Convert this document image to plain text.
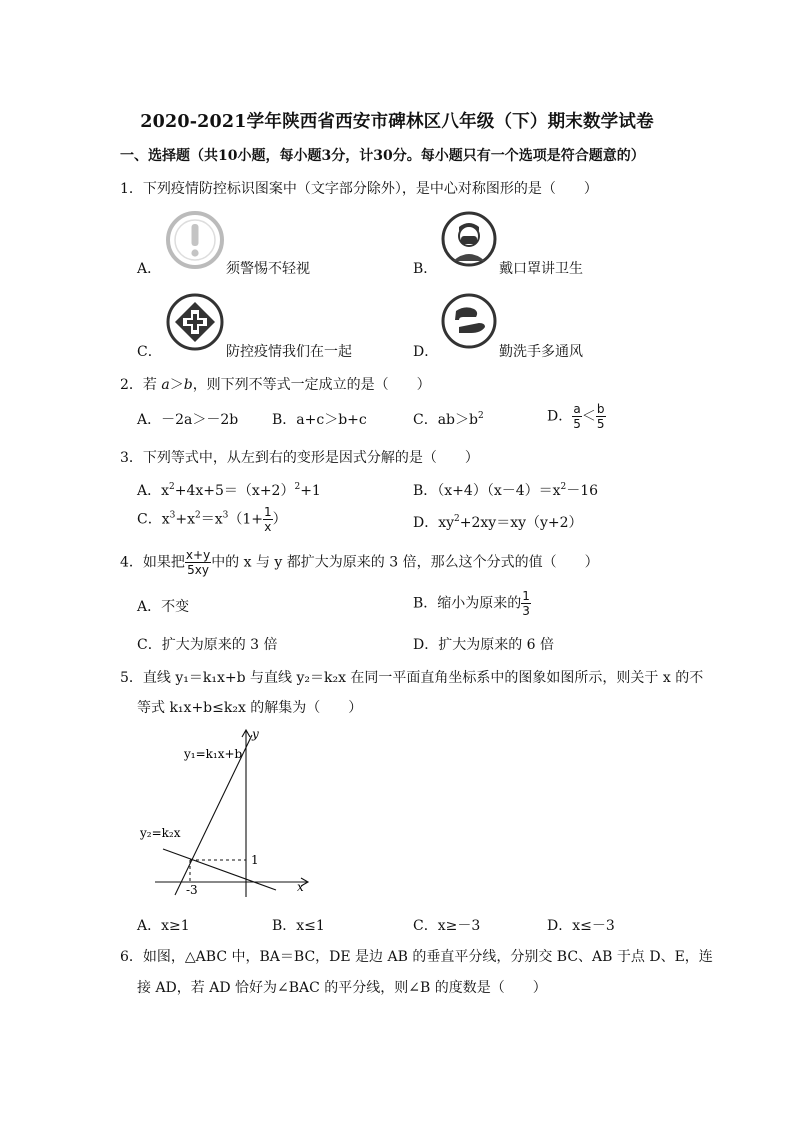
2020-2021学年陕西省西安市碑林区八年级（下）期末数学试卷
一、选择题（共10小题，每小题3分，计30分。每小题只有一个选项是符合题意的）
1．下列疫情防控标识图案中（文字部分除外），是中心对称图形的是（　　）
A．	须警惕不轻视	B．	戴口罩讲卫生
C．	防控疫情我们在一起	D．	勤洗手多通风
2．若 a＞b，则下列不等式一定成立的是（　　）
A．－2a＞－2b B．a+c＞b+c	C．$ab>b^2$	D． $\frac{a}{5} < \frac{b}{5}$
3．下列等式中，从左到右的变形是因式分解的是（　　）
A．$x^2+4x+5=(x+2)^2+1$	B．$(x+4)(x-4)=x^2-16$
C．$x^3+x^2=x^3(1+ \frac{1}{x}$ ）	D．$xy^2+2xy=xy(y+2)$
4．如果把 $\frac{x+y}{5xy}$ 中的 x 与 y 都扩大为原来的 3 倍，那么这个分式的值（　　）
A．不变	B．缩小为原来的 $\frac{1}{3}$
C．扩大为原来的 3 倍	D．扩大为原来的 6 倍
5．直线 y₁＝k₁x+b 与直线 y₂＝k₂x 在同一平面直角坐标系中的图象如图所示，则关于 x 的不
等式 k₁x+b≤k₂x 的解集为（　　）
y₁=k₁x+b
y₂=k₂x
y
x
1
-3
A．x≥1	B．x≤1	C．x≥－3	D．x≤－3
6．如图，△ABC 中，BA＝BC，DE 是边 AB 的垂直平分线，分别交 BC、AB 于点 D、E，连
接 AD，若 AD 恰好为∠BAC 的平分线，则∠B 的度数是（　　）
